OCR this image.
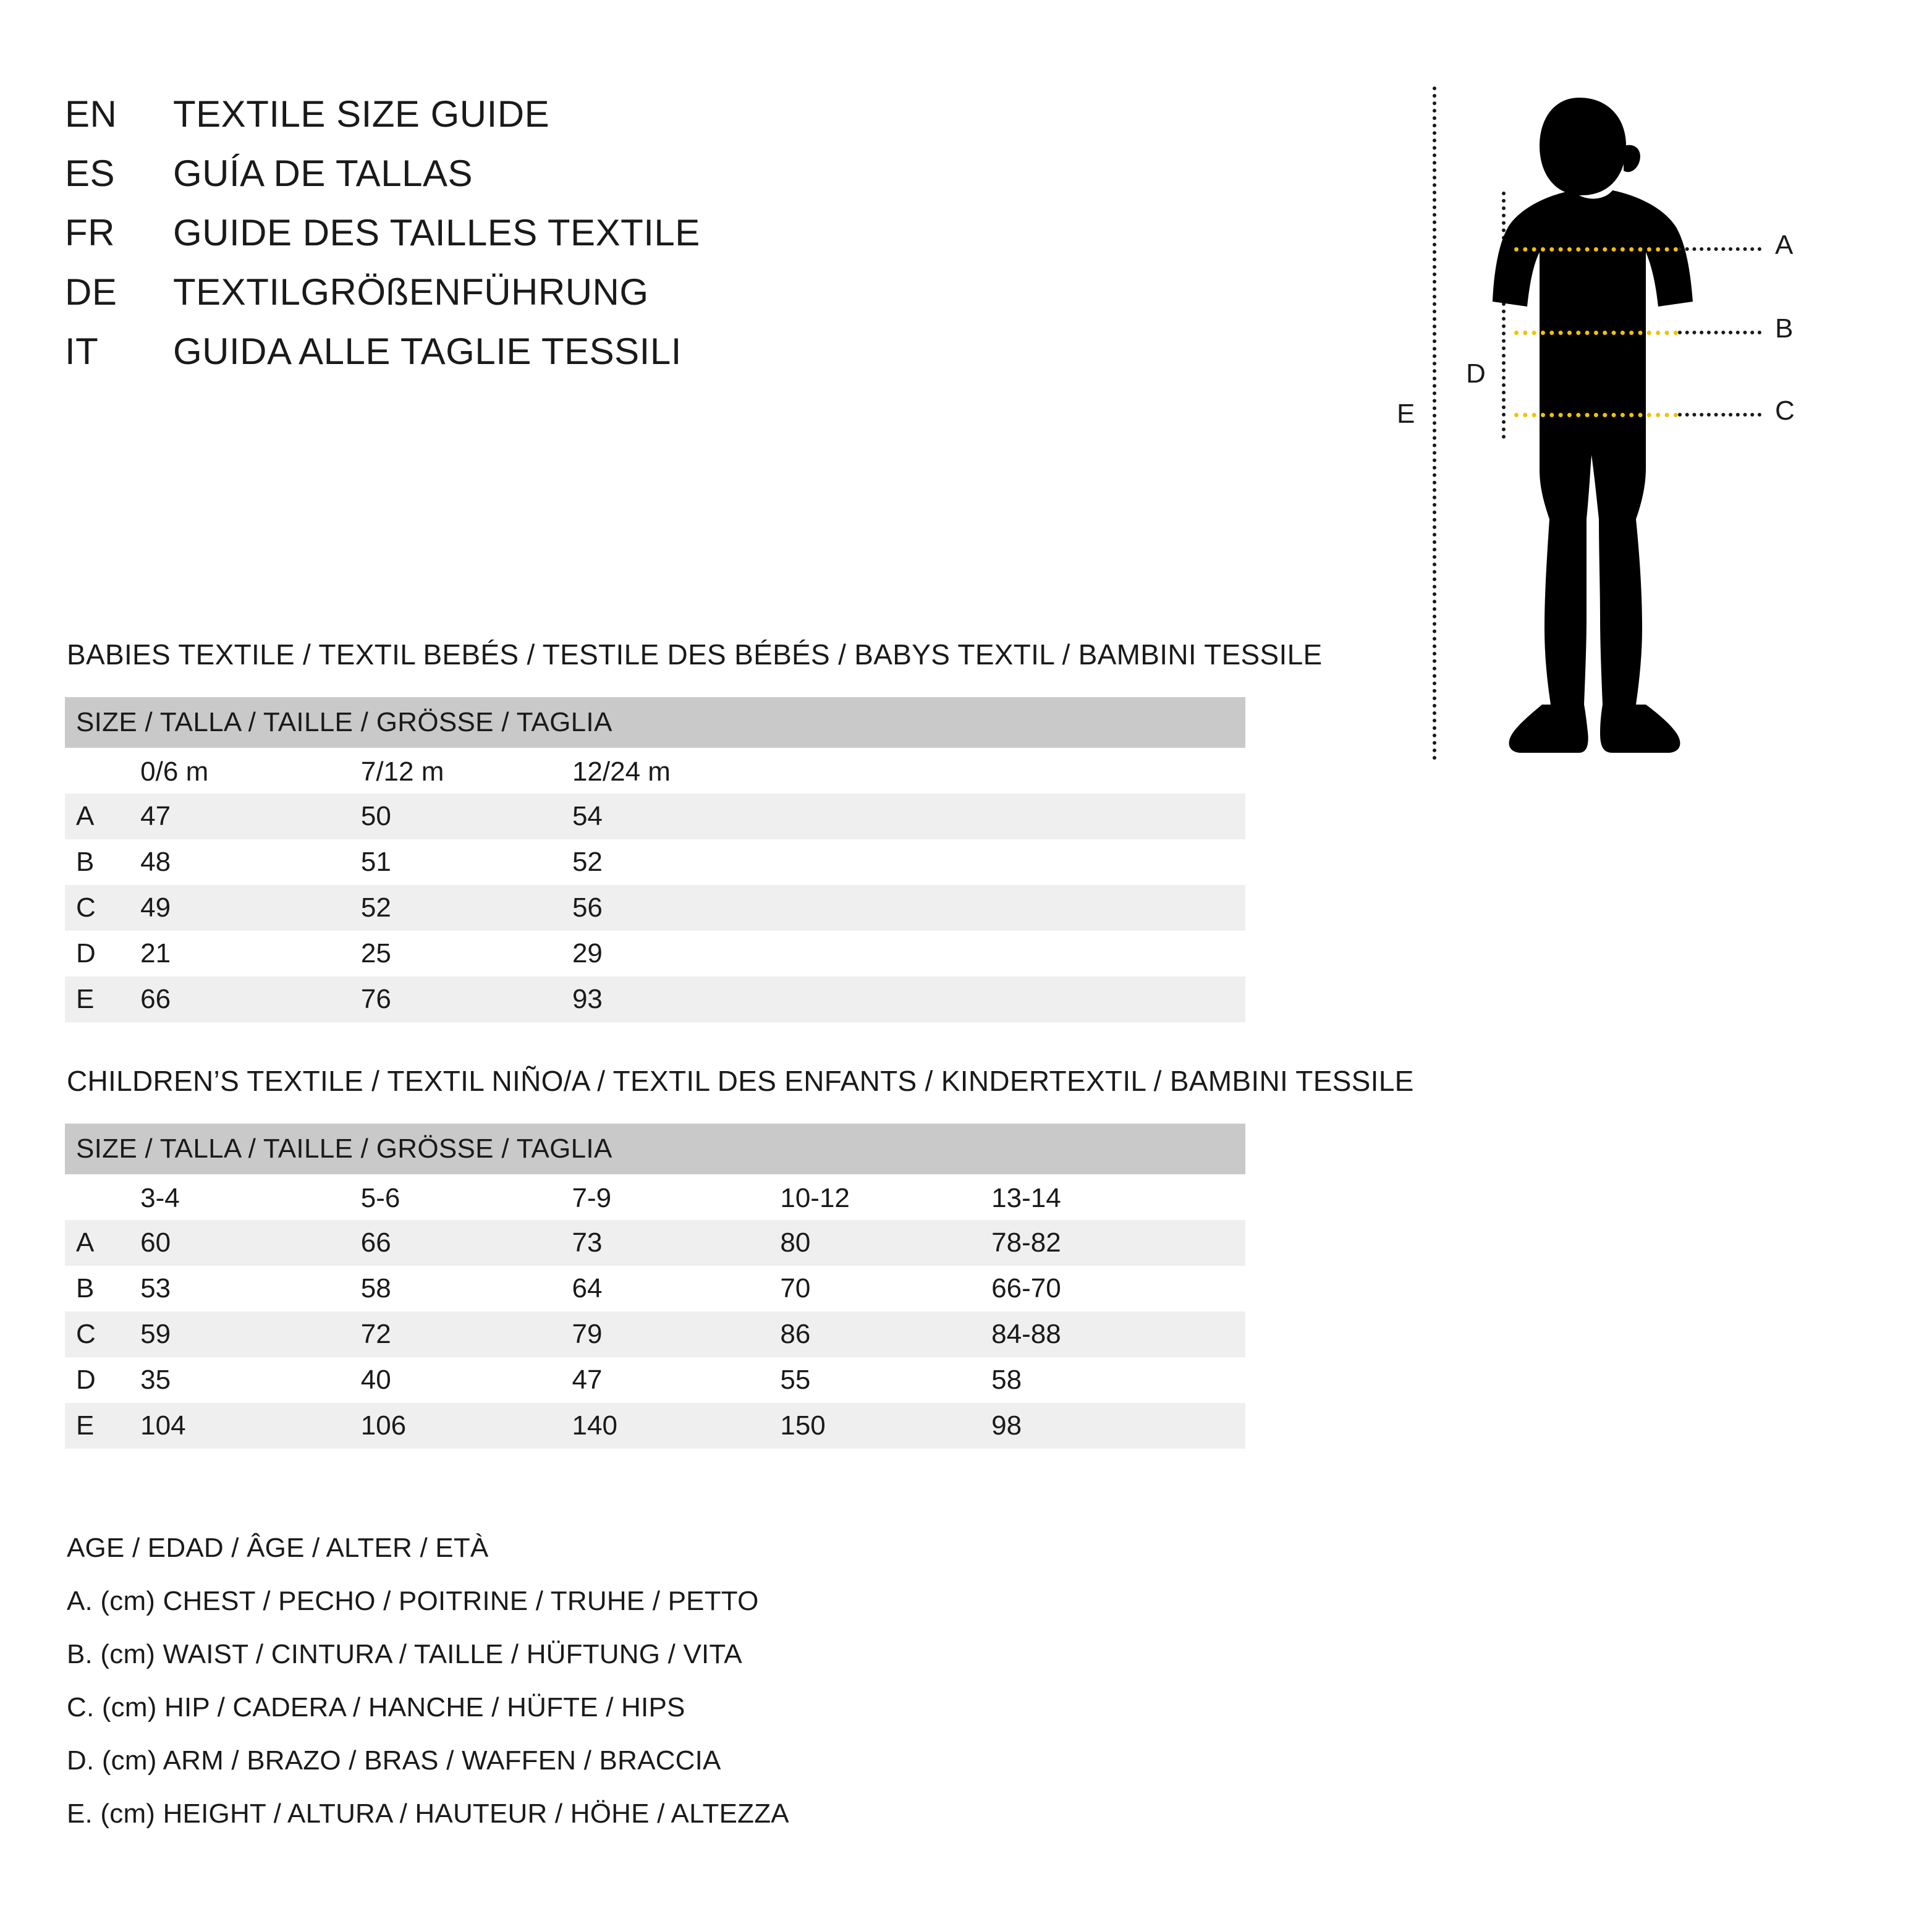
EN	TEXTILE SIZE GUIDE
ES	GUÍA DE TALLAS
FR	GUIDE DES TAILLES TEXTILE
DE	TEXTILGRÖßENFÜHRUNG
IT	GUIDA ALLE TAGLIE TESSILI
BABIES TEXTILE / TEXTIL BEBÉS / TESTILE DES BÉBÉS / BABYS TEXTIL / BAMBINI TESSILE
SIZE / TALLA / TAILLE / GRÖSSE / TAGLIA			
	0/6 m	7/12 m	12/24 m
A	47	50	54
B	48	51	52
C	49	52	56
D	21	25	29
E	66	76	93
CHILDREN’S TEXTILE / TEXTIL NIÑO/A / TEXTIL DES ENFANTS / KINDERTEXTIL / BAMBINI TESSILE
SIZE / TALLA / TAILLE / GRÖSSE / TAGLIA					
	3-4	5-6	7-9	10-12	13-14
A	60	66	73	80	78-82
B	53	58	64	70	66-70
C	59	72	79	86	84-88
D	35	40	47	55	58
E	104	106	140	150	98
AGE / EDAD / ÂGE / ALTER / ETÀ
A. (cm) CHEST / PECHO / POITRINE / TRUHE / PETTO
B. (cm) WAIST / CINTURA / TAILLE / HÜFTUNG / VITA
C. (cm) HIP / CADERA / HANCHE / HÜFTE / HIPS
D. (cm) ARM / BRAZO / BRAS / WAFFEN / BRACCIA
E. (cm) HEIGHT / ALTURA / HAUTEUR / HÖHE / ALTEZZA
E
D
A
B
C
